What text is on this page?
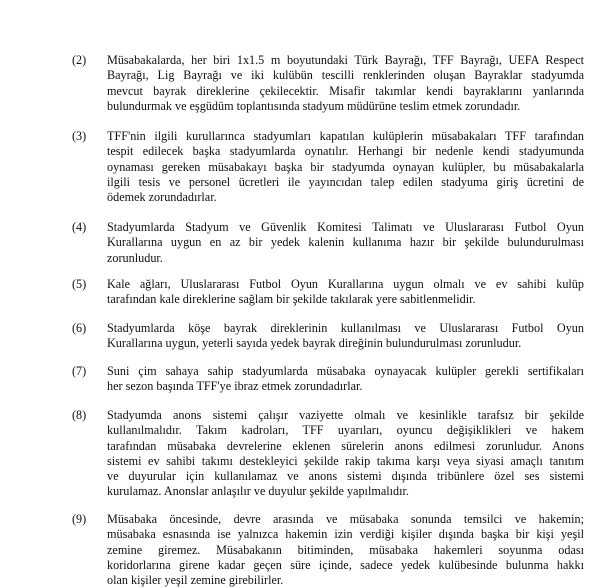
(2) Müsabakalarda, her biri 1x1.5 m boyutundaki Türk Bayrağı, TFF Bayrağı, UEFA Respect
Bayrağı, Lig Bayrağı ve iki kulübün tescilli renklerinden oluşan Bayraklar stadyumda
mevcut bayrak direklerine çekilecektir. Misafir takımlar kendi bayraklarını yanlarında
bulundurmak ve eşgüdüm toplantısında stadyum müdürüne teslim etmek zorundadır.
(3) TFF'nin ilgili kurullarınca stadyumları kapatılan kulüplerin müsabakaları TFF tarafından
tespit edilecek başka stadyumlarda oynatılır. Herhangi bir nedenle kendi stadyumunda
oynaması gereken müsabakayı başka bir stadyumda oynayan kulüpler, bu müsabakalarla
ilgili tesis ve personel ücretleri ile yayıncıdan talep edilen stadyuma giriş ücretini de
ödemek zorundadırlar.
(4) Stadyumlarda Stadyum ve Güvenlik Komitesi Talimatı ve Uluslararası Futbol Oyun
Kurallarına uygun en az bir yedek kalenin kullanıma hazır bir şekilde bulundurulması
zorunludur.
(5) Kale ağları, Uluslararası Futbol Oyun Kurallarına uygun olmalı ve ev sahibi kulüp
tarafından kale direklerine sağlam bir şekilde takılarak yere sabitlenmelidir.
(6) Stadyumlarda köşe bayrak direklerinin kullanılması ve Uluslararası Futbol Oyun
Kurallarına uygun, yeterli sayıda yedek bayrak direğinin bulundurulması zorunludur.
(7) Suni çim sahaya sahip stadyumlarda müsabaka oynayacak kulüpler gerekli sertifikaları
her sezon başında TFF'ye ibraz etmek zorundadırlar.
(8) Stadyumda anons sistemi çalışır vaziyette olmalı ve kesinlikle tarafsız bir şekilde
kullanılmalıdır. Takım kadroları, TFF uyarıları, oyuncu değişiklikleri ve hakem
tarafından müsabaka devrelerine eklenen sürelerin anons edilmesi zorunludur. Anons
sistemi ev sahibi takımı destekleyici şekilde rakip takıma karşı veya siyasi amaçlı tanıtım
ve duyurular için kullanılamaz ve anons sistemi dışında tribünlere özel ses sistemi
kurulamaz. Anonslar anlaşılır ve duyulur şekilde yapılmalıdır.
(9) Müsabaka öncesinde, devre arasında ve müsabaka sonunda temsilci ve hakemin;
müsabaka esnasında ise yalnızca hakemin izin verdiği kişiler dışında başka bir kişi yeşil
zemine giremez. Müsabakanın bitiminden, müsabaka hakemleri soyunma odası
koridorlarına girene kadar geçen süre içinde, sadece yedek kulübesinde bulunma hakkı
olan kişiler yeşil zemine girebilirler.
